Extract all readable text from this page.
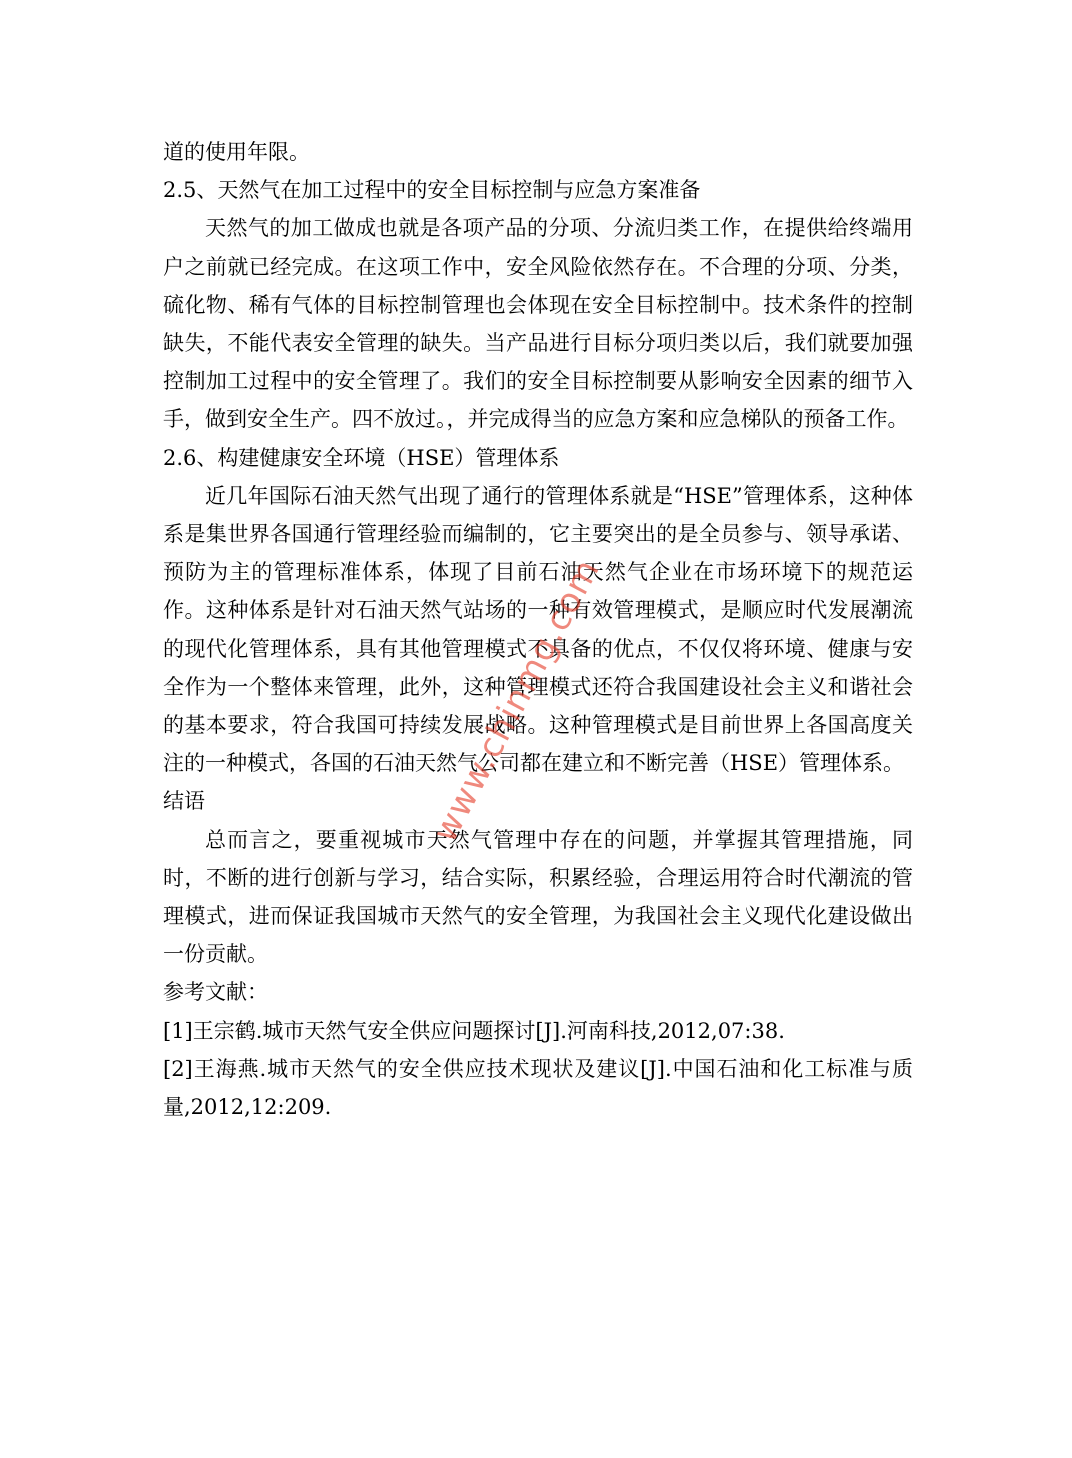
道的使用年限。

2.5、天然气在加工过程中的安全目标控制与应急方案准备

天然气的加工做成也就是各项产品的分项、分流归类工作，在提供给终端用户之前就已经完成。在这项工作中，安全风险依然存在。不合理的分项、分类，硫化物、稀有气体的目标控制管理也会体现在安全目标控制中。技术条件的控制缺失，不能代表安全管理的缺失。当产品进行目标分项归类以后，我们就要加强控制加工过程中的安全管理了。我们的安全目标控制要从影响安全因素的细节入手，做到安全生产。四不放过。，并完成得当的应急方案和应急梯队的预备工作。

2.6、构建健康安全环境（HSE）管理体系

近几年国际石油天然气出现了通行的管理体系就是“HSE”管理体系，这种体系是集世界各国通行管理经验而编制的，它主要突出的是全员参与、领导承诺、预防为主的管理标准体系，体现了目前石油天然气企业在市场环境下的规范运作。这种体系是针对石油天然气站场的一种有效管理模式，是顺应时代发展潮流的现代化管理体系，具有其他管理模式不具备的优点，不仅仅将环境、健康与安全作为一个整体来管理，此外，这种管理模式还符合我国建设社会主义和谐社会的基本要求，符合我国可持续发展战略。这种管理模式是目前世界上各国高度关注的一种模式，各国的石油天然气公司都在建立和不断完善（HSE）管理体系。

结语

总而言之，要重视城市天然气管理中存在的问题，并掌握其管理措施，同时，不断的进行创新与学习，结合实际，积累经验，合理运用符合时代潮流的管理模式，进而保证我国城市天然气的安全管理，为我国社会主义现代化建设做出一份贡献。

参考文献：

[1]王宗鹤.城市天然气安全供应问题探讨[J].河南科技,2012,07:38.

[2]王海燕.城市天然气的安全供应技术现状及建议[J].中国石油和化工标准与质量,2012,12:209.

www.chinmg.com
